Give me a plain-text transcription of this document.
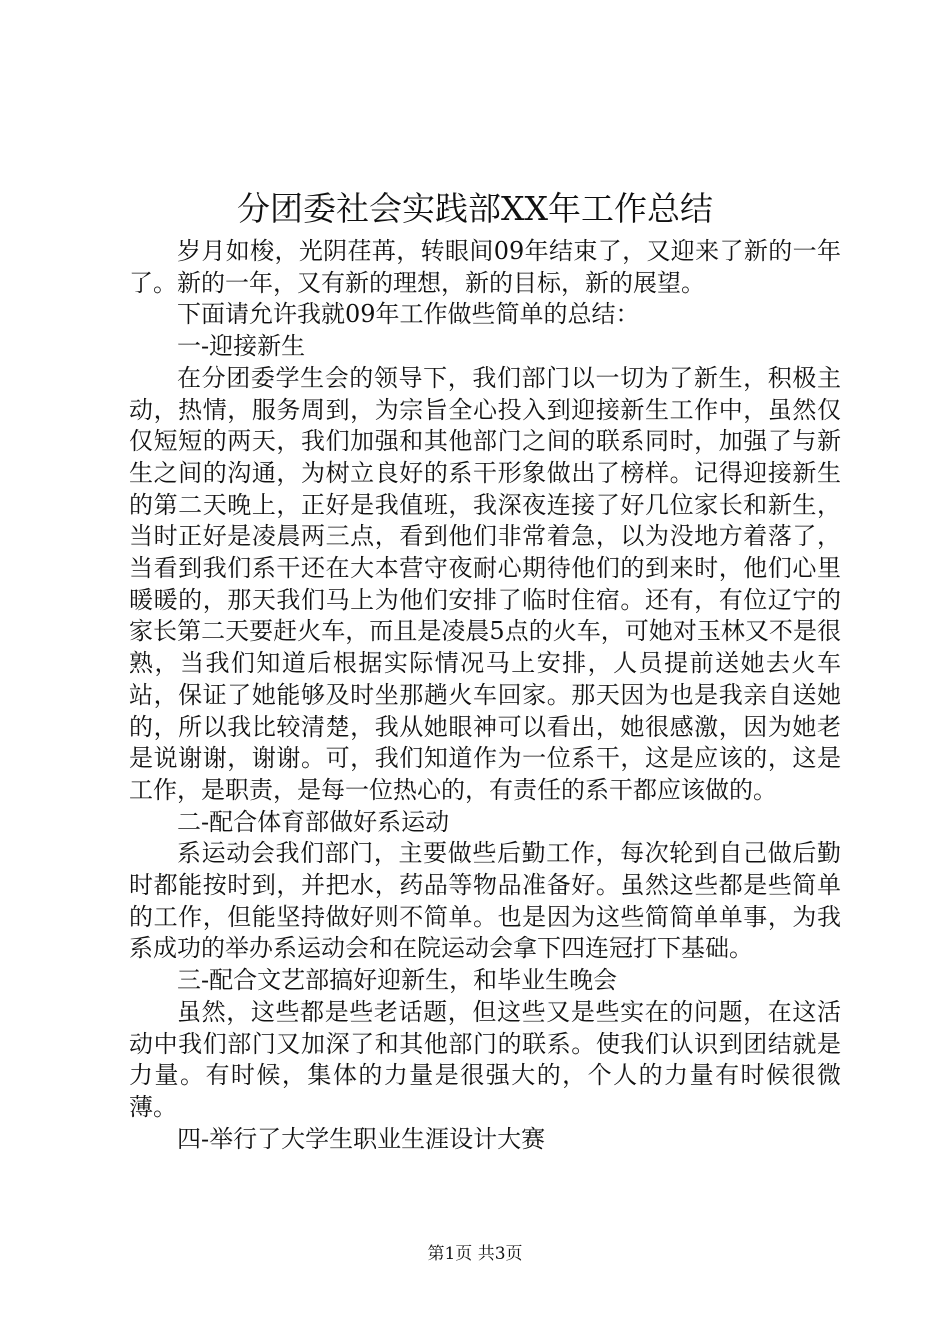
分团委社会实践部XX年工作总结

岁月如梭，光阴荏苒，转眼间09年结束了，又迎来了新的一年了。新的一年，又有新的理想，新的目标，新的展望。

下面请允许我就09年工作做些简单的总结：

一-迎接新生

在分团委学生会的领导下，我们部门以一切为了新生，积极主动，热情，服务周到，为宗旨全心投入到迎接新生工作中，虽然仅仅短短的两天，我们加强和其他部门之间的联系同时，加强了与新生之间的沟通，为树立良好的系干形象做出了榜样。记得迎接新生的第二天晚上，正好是我值班，我深夜连接了好几位家长和新生，当时正好是凌晨两三点，看到他们非常着急，以为没地方着落了，当看到我们系干还在大本营守夜耐心期待他们的到来时，他们心里暖暖的，那天我们马上为他们安排了临时住宿。还有，有位辽宁的家长第二天要赶火车，而且是凌晨5点的火车，可她对玉林又不是很熟，当我们知道后根据实际情况马上安排，人员提前送她去火车站，保证了她能够及时坐那趟火车回家。那天因为也是我亲自送她的，所以我比较清楚，我从她眼神可以看出，她很感激，因为她老是说谢谢，谢谢。可，我们知道作为一位系干，这是应该的，这是工作，是职责，是每一位热心的，有责任的系干都应该做的。

二-配合体育部做好系运动

系运动会我们部门，主要做些后勤工作，每次轮到自己做后勤时都能按时到，并把水，药品等物品准备好。虽然这些都是些简单的工作，但能坚持做好则不简单。也是因为这些简简单单事，为我系成功的举办系运动会和在院运动会拿下四连冠打下基础。

三-配合文艺部搞好迎新生，和毕业生晚会

虽然，这些都是些老话题，但这些又是些实在的问题，在这活动中我们部门又加深了和其他部门的联系。使我们认识到团结就是力量。有时候，集体的力量是很强大的，个人的力量有时候很微薄。

四-举行了大学生职业生涯设计大赛

第1页 共3页
